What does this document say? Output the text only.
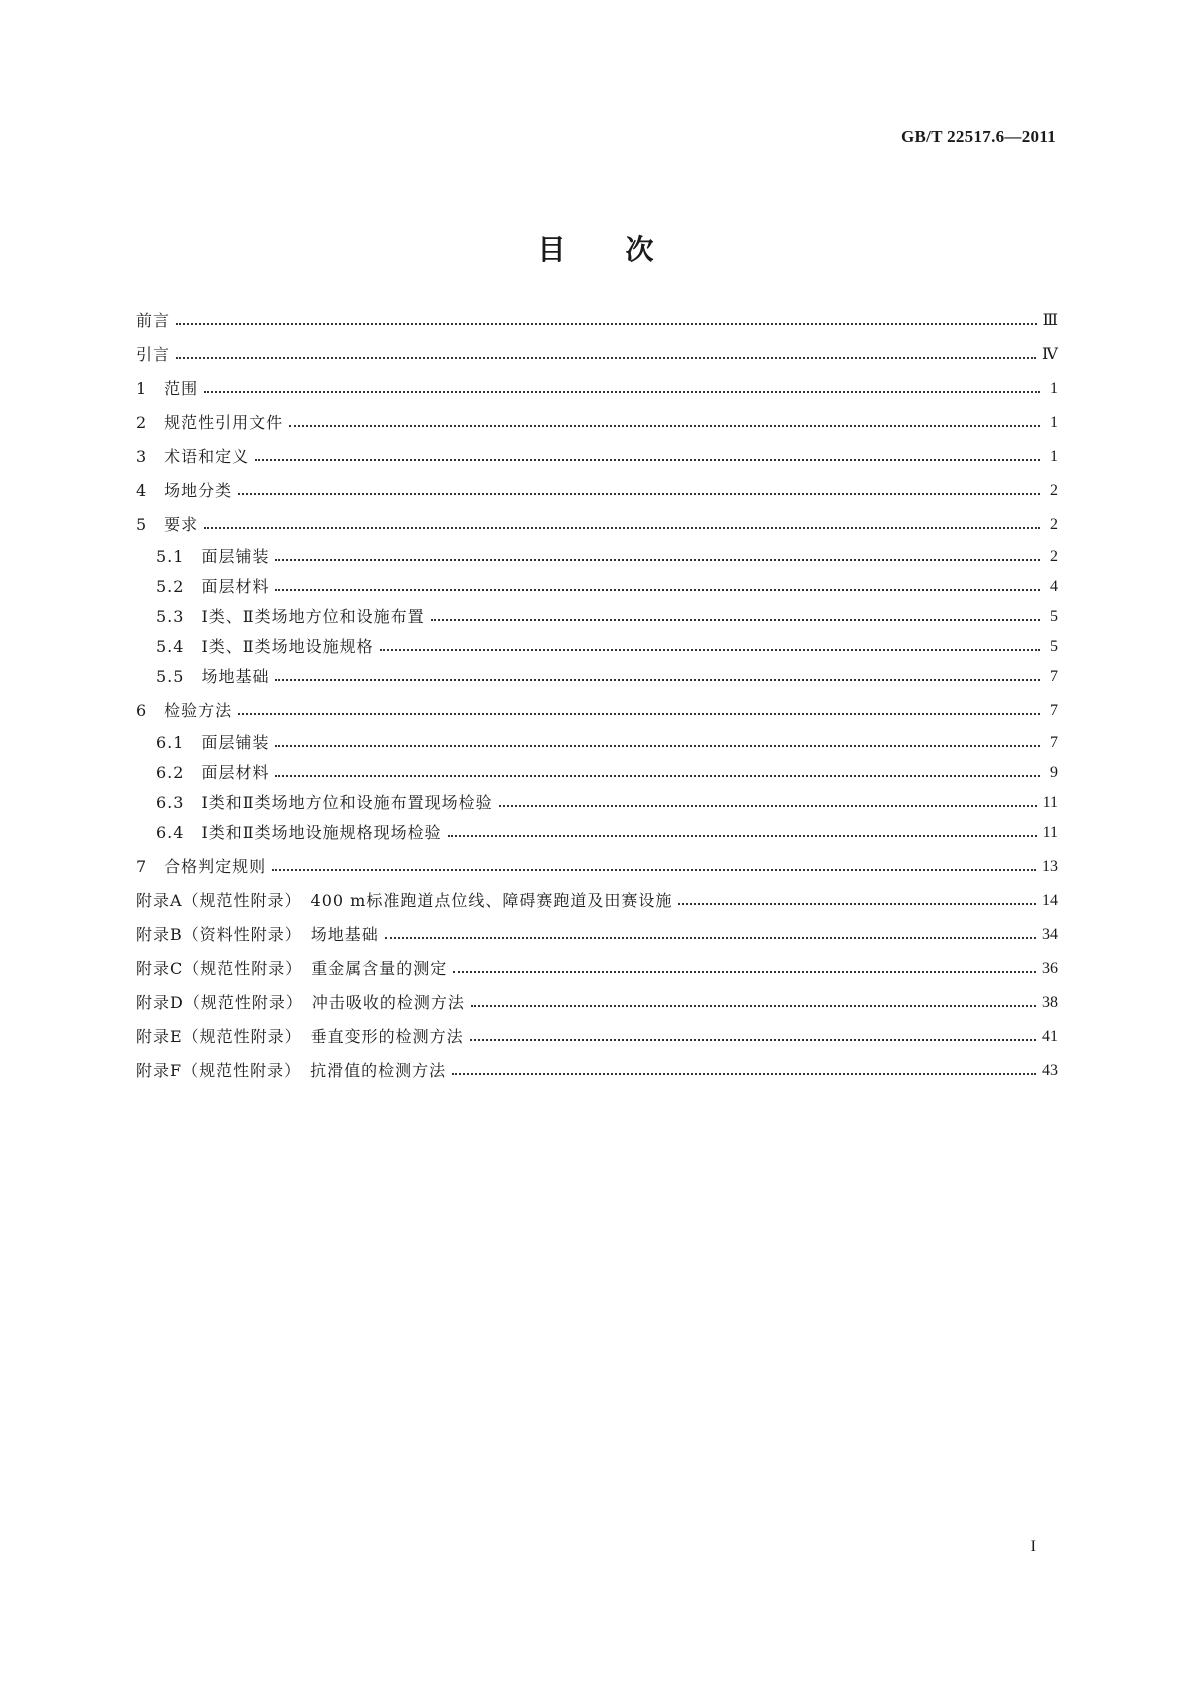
GB/T 22517.6—2011
目次
前言	Ⅲ
引言	Ⅳ
1　范围	1
2　规范性引用文件	1
3　术语和定义	1
4　场地分类	2
5　要求	2
5.1　面层铺装	2
5.2　面层材料	4
5.3　Ⅰ类、Ⅱ类场地方位和设施布置	5
5.4　Ⅰ类、Ⅱ类场地设施规格	5
5.5　场地基础	7
6　检验方法	7
6.1　面层铺装	7
6.2　面层材料	9
6.3　Ⅰ类和Ⅱ类场地方位和设施布置现场检验	11
6.4　Ⅰ类和Ⅱ类场地设施规格现场检验	11
7　合格判定规则	13
附录A（规范性附录）　400 m标准跑道点位线、障碍赛跑道及田赛设施	14
附录B（资料性附录）　场地基础	34
附录C（规范性附录）　重金属含量的测定	36
附录D（规范性附录）　冲击吸收的检测方法	38
附录E（规范性附录）　垂直变形的检测方法	41
附录F（规范性附录）　抗滑值的检测方法	43
I
